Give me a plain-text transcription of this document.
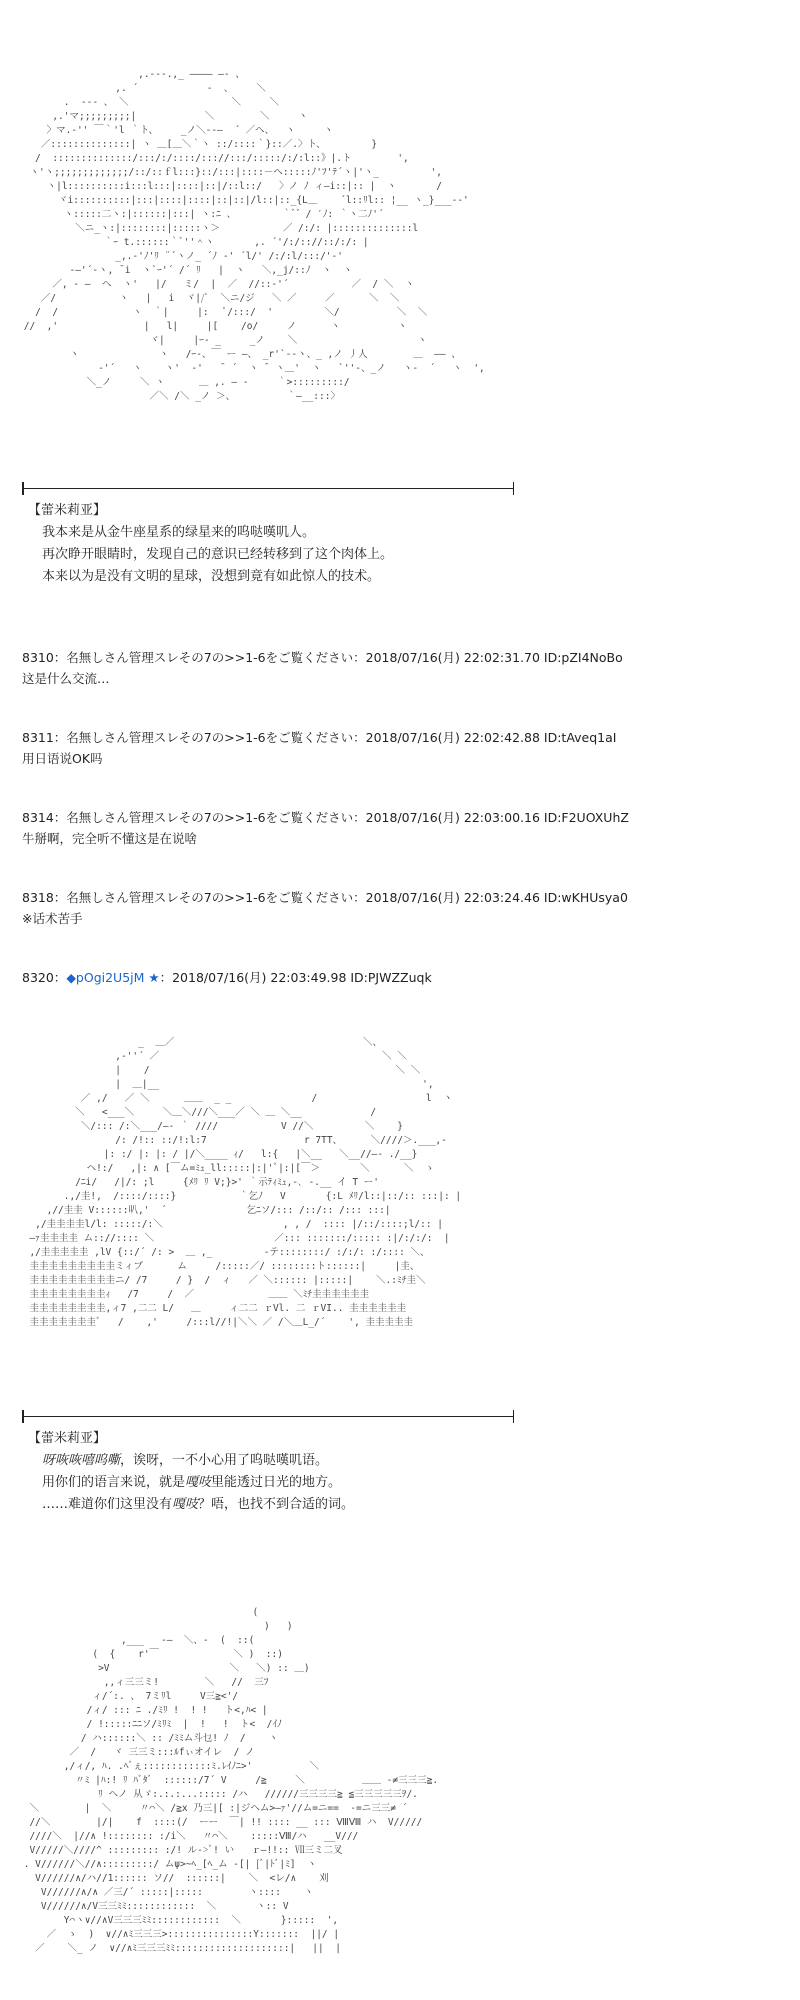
,.---.,_ ―――― ―‐ 、
,. ´            ‐  、    ＼
.  -‐- 、 ＼                  ＼     ＼
,.'マ;;;;;;;;;|            ＼        ＼     ヽ
〉マ.‐'' ￣｀'l ｀ト、    _ノ＼‐-―  ´ ／へ、  ヽ     ヽ
／::::::::::::::| ヽ ＿[＿＼｀ヽ ::/::::｀}::／.〉ト、        }
/  ::::::::::::::/:::/:/::::/::://:::/:::::/:/:l::》|.ト        ',
ヽ'ヽ;;;;;;;;;;;;;/::/::ｆl:::}::/:::|::::－へ:::::ﾉ'ﾌ'ﾃ´ヽ|'ヽ_         ',
ヽ|l::::::::::i:::l:::|::::|::|/::l::/   〉ノ ﾉ ィ―i::|:: |  ヽ       /
ヾi::::::::::|:::|::::|::::|::|::|/l::|::_{L＿    ´l::ﾘl:: ¦__ ヽ_}___-‐'
ヽ:::::二ヽ:|::::::|:::| ヽ:ﾆ 、        ｀ﾞ゛/ ′ﾉ: ｀ヽ二ﾉ'´
＼ニ_ヽ:|::::::::|:::::ヽ＞           ／ /:/: |::::::::::::::l
｀ｰ t.::::::｀ﾞ''＾ヽ       ,. ´'/:/:://::/:/: |
_,.-'ﾉ'ﾘ ¨´ヽノ_ ´ﾉ ‐' ´l/' /:/:l/:::/'‐'
-―'´‐ヽ, ̄ i  ヽ`ｰ'´ /´ ﾘ   |  ヽ   ＼,_j/::ﾉ  ヽ  ヽ
／, - ―  ヘ  ヽ'   |/   ミ/  |  ／  //::-'´           ／  / ＼  ヽ
／/           ヽ   |   i  ヾ|/ﾟ  ＼ニ/ジ   ＼ ／     ／      ＼  ＼
/  /             ヽ  ｀|     |:   ﾟ/:::/  '         ＼/          ＼  ＼
//  ,'               |   l|     |[    /o/     ノ      ヽ          ヽ
ヾ|     |ｰ- _     _ノ    ＼                     ヽ
ヽ              ヽ   /ｰ-、￣ ー ―、 _r'`‐-ヽ、_ ,ノ 丿人        ＿  ―― 、
‐'´   ヽ    ヽ'  -'   ̄  ´  ヽ ̄  ヽ＿'  ヽ   `''‐、_ノ   ヽ‐  ´   ヽ  ',
＼_ノ     ＼ ヽ      ＿ ,. ― ‐     ｀>:::::::::/
／＼ /＼ _ノ ＞、         ｀―__:::〉

【蕾米莉亚】
我本来是从金牛座星系的绿星来的呜哒嘆叽人。
再次睁开眼睛时，发现自己的意识已经转移到了这个肉体上。
本来以为是没有文明的星球，没想到竟有如此惊人的技术。
8310：名無しさん管理スレその7の>>1-6をご覧ください：2018/07/16(月) 22:02:31.70 ID:pZI4NoBo
这是什么交流…
8311：名無しさん管理スレその7の>>1-6をご覧ください：2018/07/16(月) 22:02:42.88 ID:tAveq1aI
用日语说OK吗
8314：名無しさん管理スレその7の>>1-6をご覧ください：2018/07/16(月) 22:03:00.16 ID:F2UOXUhZ
牛掰啊，完全听不懂这是在说啥
8318：名無しさん管理スレその7の>>1-6をご覧ください：2018/07/16(月) 22:03:24.46 ID:wKHUsya0
※话术苦手
8320：◆pOgi2U5jM ★：2018/07/16(月) 22:03:49.98 ID:PJWZZuqk

_  ＿／                                 ＼、
,-''´ ／                                       ＼ ＼
|    /                                           ＼ ＼
|  ＿|__                                              ',
／ ,/   ／ ＼      ＿＿  _ _              /                   l  ヽ
＼   <___＼     ＼＿＼///＼___／ ＼ ＿ ＼__            /
＼/::: /:＼___/―‐ ｀ ////           V //＼         ＼    }
/: /!:: ::/!:l:7                 r 7TT、     ＼////＞.___,-
|: :/ |: |: / |/＼____ ｨ/   l:{   |＼__   ＼__//―‐ ./__}
ヘ!:/   ,|: ∧ [￣ム=ﾐｭ_ll:::::|:|'ﾞ|:|[￣＞       ＼      ＼  ゝ
/ﾆi/   /|/: ;l     {ﾒﾘ ﾘ V;}>' ｀示ﾃｨﾐｭ,-､ -.__ イ T ー'
.,/圭!,  /::::/::::}           ｀乞ﾉ   V       {:L ﾒﾘ/l::|::/:: :::|: |
,//圭圭 V::::::叭,'  ´              乞ﾆソ/::: /::/:: /::: :::|
,/圭圭圭圭l/l: :::::/:＼                     , , /  :::: |/::/::::;l/:: |
―ｧ圭圭圭圭 ム:://:::: ＼                     ／::: :::::::/::::: :|/:/:/:  |
,/圭圭圭圭圭 ,lV {::/´ /: >  ＿ ,_         -テ::::::::/ :/:/: :/:::: ＼、
圭圭圭圭圭圭圭圭圭ミィブ      ム     /:::::／/ ::::::::ト::::::|     |圭、
圭圭圭圭圭圭圭圭圭ニ/ /7     / }  /  ィ   ／ ＼:::::: |:::::|    ＼.:ﾐﾁ圭＼
圭圭圭圭圭圭圭圭ｨ   /7     /  ／             ＿＿ ＼ﾐﾁ圭圭圭圭圭圭
圭圭圭圭圭圭圭圭,ィ7 ,二二 L/   ＿     ィ二二 ｒVl. 二 ｒVI.. 圭圭圭圭圭圭
圭圭圭圭圭圭圭ﾞ   /    ,'     /:::l//!|＼＼ ／ /＼＿L_/´    ', 圭圭圭圭圭

【蕾米莉亚】
呀咴咴嘻呜嘶，诶呀，一不小心用了呜哒嘆叽语。
用你们的语言来说，就是嘎吱里能透过日光的地方。
……难道你们这里没有嘎吱？唔，也找不到合适的词。

(
)   )
,___   ‐―  ＼、‐  (  ::(
(  {    r'￣             ＼ )  ::)
>V                     ＼   ＼) :: ＿)
,,ィ三三ミ!        ＼   //  三ﾌ
ィ/´:. 、 7ミﾘl     V三≧<'/
/ィ/ ::: ﾆ ./ﾐﾘ !  ! !   ト<,ﾊ< |
/ !:::::ﾆﾆソ/ﾐﾘﾐ  |  !   !  ト<  /ｲﾉ
/ ハ::::::＼ :: /ﾐﾐム斗乜! ﾉ  /    ヽ
／  /   ヾ 三三ミ:::ﾙfぃオイレ  / ノ
,/ィ/, ﾊ. .ﾍﾞぇ::::::::::::ﾐ.ﾚｲﾉﾆ>'          ＼
〃ﾐ |ﾊ:! ﾘ ﾊﾞﾀﾞ  ::::::/7´ V     /≧     ＼          ＿＿ -≠三三三≧.
ﾘ ヘノ 从ゞ:.:.:...::::: /ハ   //////三三三三≧ ≦三三三三三ｦ/.
＼        |  ＼     〃⌒＼ /≧x 乃三|[ :|ジヘム>―ｧ'//ム=ニ==  -=ニ三三≠ ´
//＼        |/|    f  ::::(/  ーー  ￣| !! :::: __ ::: ⅧⅧ ハ  V/////
////＼  |//∧ !:::::::: :/i＼   〃⌒＼    :::::Ⅷ/ハ   __V///
V/////＼////^ ::::::::: :/! ル->ﾞ! い   ｒ―!!:: Ⅶ三ミ二叉
. V//////＼//∧:::::::::/ ムψ>~ﾍ_[ﾍ_ム -[| [ﾞ|ﾄﾞ|ﾐ]  ヽ
V//////∧/ハ//1:::::: ソ//  ::::::|    ＼  <レ/∧    刈
V//////∧/∧ ／三/´ :::::|:::::        ヽ::::    ヽ
V//////∧/V三三ﾐﾐ::::::::::::  ＼       ヽ:: V
Y⌒ヽ∨//∧V三三三ﾐﾐ::::::::::::  ＼       }:::::  ',
／  ゝ  )  ∨//∧ﾐ三三三>:::::::::::::::Y:::::::  ||/ |
／    ＼_ ノ  ∨//∧ﾐ三三三ﾐﾐ::::::::::::::::::::|   ||  |
